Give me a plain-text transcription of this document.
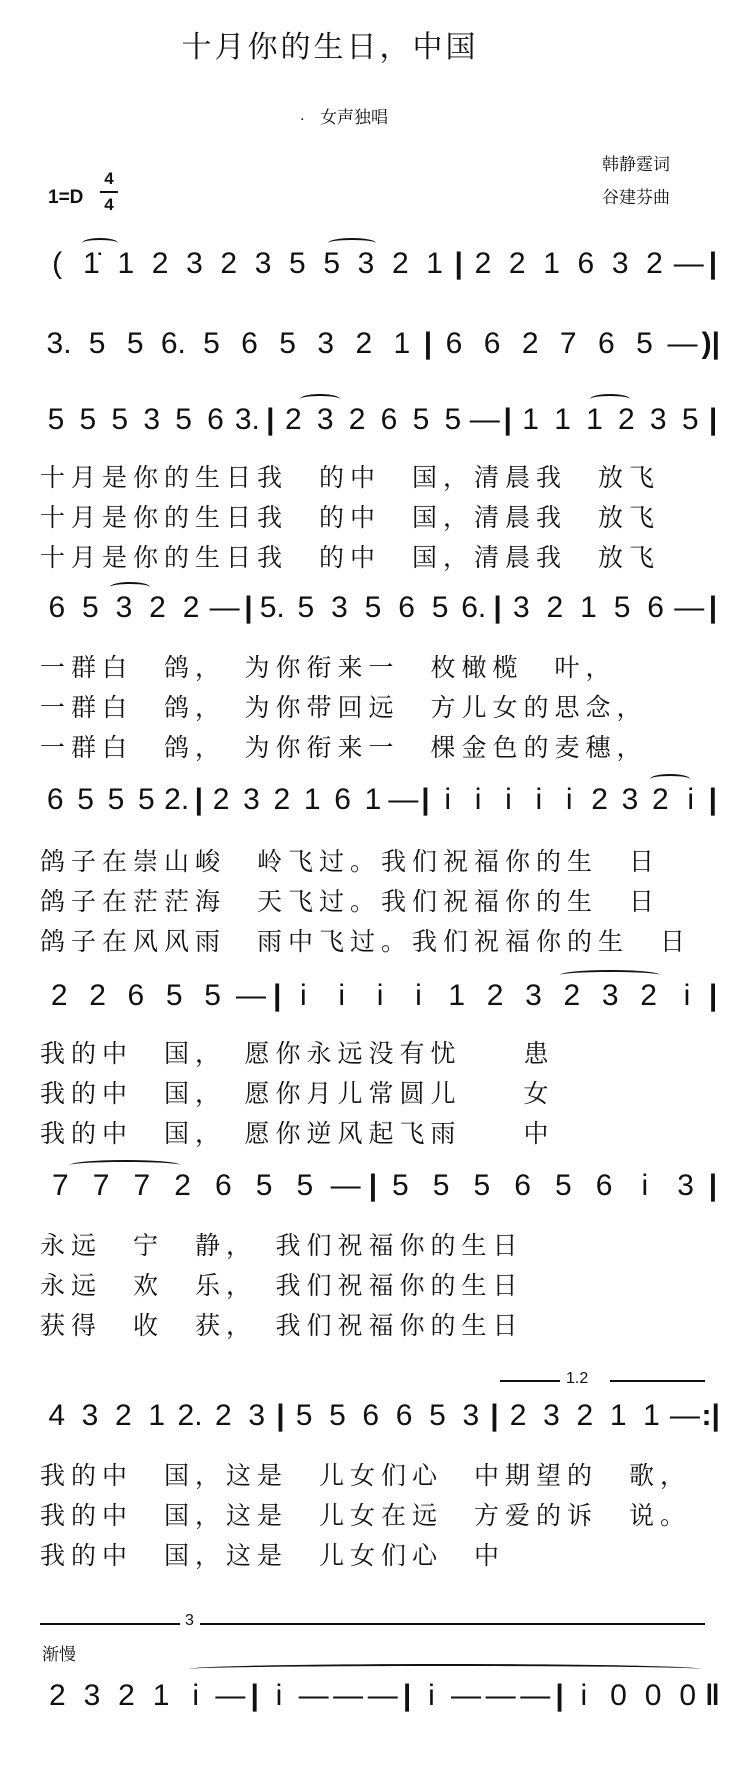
十月你的生日，中国
. 女声独唱
1=D
4
4
韩静霆词
谷建芬曲
( 1̇ 1 2 3 2 3 5 5 3 2 1 | 2 2 1 6 3 2 — |
3. 5 5 6. 5 6 5 3 2 1 | 6 6 2 7 6 5 — )|
5 5 5 3 5 6 3. | 2 3 2 6 5 5 — | 1 1 1 2 3 5 |
6 5 3 2 2 — | 5. 5 3 5 6 5 6. | 3 2 1 5 6 — |
6 5 5 5 2. | 2 3 2 1 6 1 — | i i i i i 2 3 2 i |
2 2 6 5 5 — | i	i	i	i 1 2 3 2 3 2 i |
7 7 7 2 6 5 5 — | 5 5 5 6 5 6 i 3 |
4 3 2 1 2. 2 3 | 5 5 6 6 5 3 | 2 3 2 1 1 — :|
2 3 2 1 i — | i — — — | i — — — | i 0 0 0 ‖
十月是你的生日我　的中　国，清晨我　放飞
十月是你的生日我　的中　国，清晨我　放飞
十月是你的生日我　的中　国，清晨我　放飞
一群白　鸽，　为你衔来一　枚橄榄　叶，
一群白　鸽，　为你带回远　方儿女的思念，
一群白　鸽，　为你衔来一　棵金色的麦穗，
鸽子在崇山峻　岭飞过。我们祝福你的生　日
鸽子在茫茫海　天飞过。我们祝福你的生　日
鸽子在风风雨　雨中飞过。我们祝福你的生　日
我的中　国，　愿你永远没有忧　　患
我的中　国，　愿你月儿常圆儿　　女
我的中　国，　愿你逆风起飞雨　　中
永远　宁　静，　我们祝福你的生日
永远　欢　乐，　我们祝福你的生日
获得　收　获，　我们祝福你的生日
我的中　国，这是　儿女们心　中期望的　歌，
我的中　国，这是　儿女在远　方爱的诉　说。
我的中　国，这是　儿女们心　中
1.2
3
渐慢
